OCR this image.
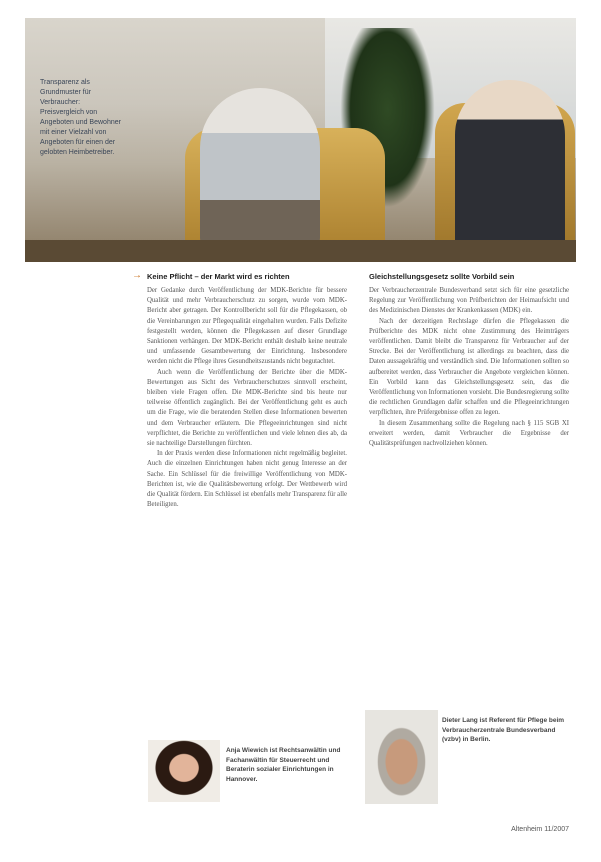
Transparenz als Grundmuster für Verbraucher: Preisvergleich von Angeboten und Bewohner mit einer Vielzahl von Angeboten für einen der gelobten Heimbetreiber.
→ Keine Pflicht – der Markt wird es richten

Der Gedanke durch Veröffentlichung der MDK-Berichte für bessere Qualität und mehr Verbraucherschutz zu sorgen, wurde vom MDK-Bericht aber getragen. Der Kontrollbericht soll für die Pflegekassen, ob die Vereinbarungen zur Pflegequalität eingehalten wurden. Falls Defizite festgestellt werden, können die Pflegekassen auf dieser Grundlage Sanktionen verhängen. Der MDK-Bericht enthält deshalb keine neutrale und umfassende Gesamtbewertung der Einrichtung. Insbesondere werden nicht die Pflege ihres Gesundheitszustands nicht begutachtet.

Auch wenn die Veröffentlichung der Berichte über die MDK-Bewertungen aus Sicht des Verbraucherschutzes sinnvoll erscheint, bleiben viele Fragen offen. Die MDK-Berichte sind bis heute nur teilweise öffentlich zugänglich. Bei der Veröffentlichung geht es auch um die Frage, wie die beratenden Stellen diese Informationen bewerten und dem Verbraucher erläutern. Die Pflegeeinrichtungen sind nicht verpflichtet, die Berichte zu veröffentlichen und viele lehnen dies ab, da sie nachteilige Darstellungen fürchten.

In der Praxis werden diese Informationen nicht regelmäßig begleitet. Auch die einzelnen Einrichtungen haben nicht genug Interesse an der Sache. Ein Schlüssel für die freiwillige Veröffentlichung von MDK-Berichten ist, wie die Qualitätsbewertung erfolgt. Der Wettbewerb wird die Qualität fördern. Ein Schlüssel ist ebenfalls mehr Transparenz für alle Beteiligten.

Gleichstellungsgesetz sollte Vorbild sein

Der Verbraucherzentrale Bundesverband setzt sich für eine gesetzliche Regelung zur Veröffentlichung von Prüfberichten der Heimaufsicht und des Medizinischen Dienstes der Krankenkassen (MDK) ein.

Nach der derzeitigen Rechtslage dürfen die Pflegekassen die Prüfberichte des MDK nicht ohne Zustimmung des Heimträgers veröffentlichen. Damit bleibt die Transparenz für Verbraucher auf der Strecke. Bei der Veröffentlichung ist allerdings zu beachten, dass die Daten aussagekräftig und verständlich sind. Die Informationen sollten so aufbereitet werden, dass Verbraucher die Angebote vergleichen können. Ein Vorbild kann das Gleichstellungsgesetz sein, das die Veröffentlichung von Informationen vorsieht. Die Bundesregierung sollte die rechtlichen Grundlagen dafür schaffen und die Pflegeeinrichtungen verpflichten, ihre Prüfergebnisse offen zu legen.

In diesem Zusammenhang sollte die Regelung nach § 115 SGB XI erweitert werden, damit Verbraucher die Ergebnisse der Qualitätsprüfungen nachvollziehen können.

Anja Wiewich ist Rechtsanwältin und Fachanwältin für Steuerrecht und Beraterin sozialer Einrichtungen in Hannover.
Dieter Lang ist Referent für Pflege beim Verbraucherzentrale Bundesverband (vzbv) in Berlin.
Altenheim 11/2007
